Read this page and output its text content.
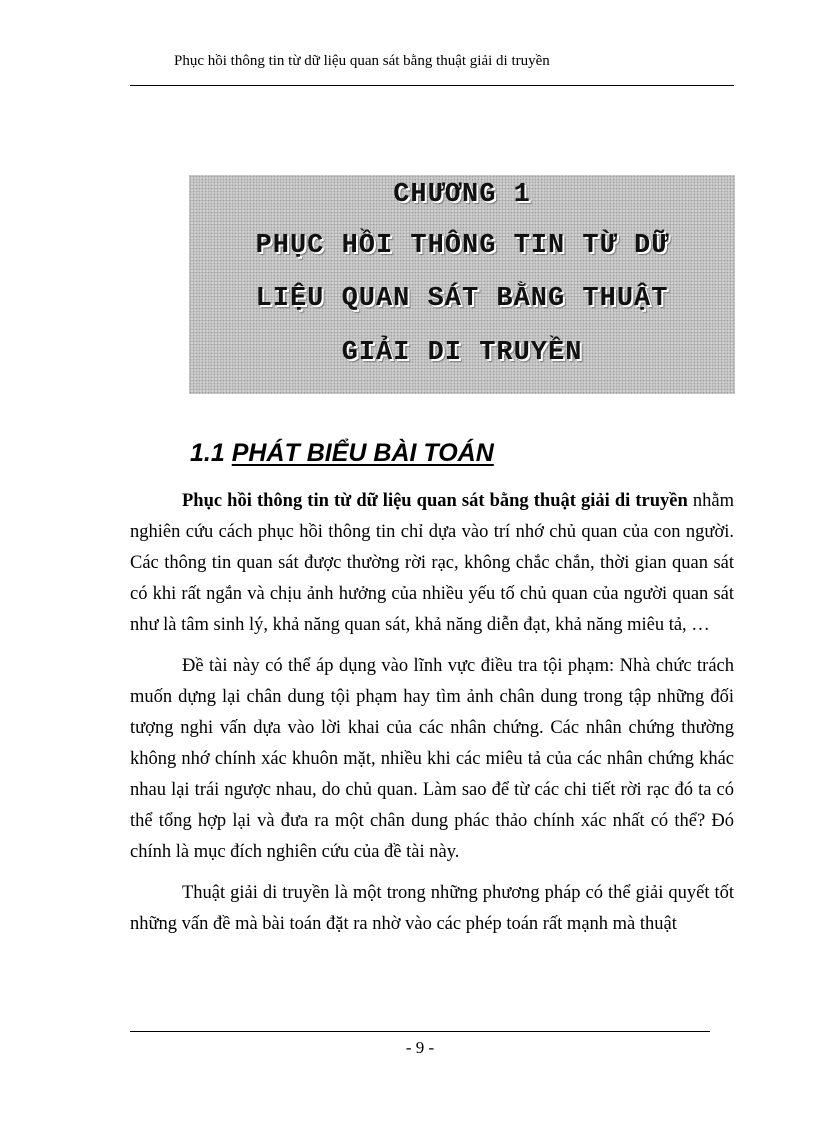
Phục hồi thông tin từ dữ liệu quan sát bằng thuật giải di truyền
CHƯƠNG 1
PHỤC HỒI THÔNG TIN TỪ DỮ
LIỆU QUAN SÁT BẰNG THUẬT
GIẢI DI TRUYỀN
1.1 PHÁT BIỂU BÀI TOÁN

Phục hồi thông tin từ dữ liệu quan sát bằng thuật giải di truyền nhằm nghiên cứu cách phục hồi thông tin chỉ dựa vào trí nhớ chủ quan của con người. Các thông tin quan sát được thường rời rạc, không chắc chắn, thời gian quan sát có khi rất ngắn và chịu ảnh hưởng của nhiều yếu tố chủ quan của người quan sát như là tâm sinh lý, khả năng quan sát, khả năng diễn đạt, khả năng miêu tả, …

Đề tài này có thể áp dụng vào lĩnh vực điều tra tội phạm: Nhà chức trách muốn dựng lại chân dung tội phạm hay tìm ảnh chân dung trong tập những đối tượng nghi vấn dựa vào lời khai của các nhân chứng. Các nhân chứng thường không nhớ chính xác khuôn mặt, nhiều khi các miêu tả của các nhân chứng khác nhau lại trái ngược nhau, do chủ quan. Làm sao để từ các chi tiết rời rạc đó ta có thể tổng hợp lại và đưa ra một chân dung phác thảo chính xác nhất có thể? Đó chính là mục đích nghiên cứu của đề tài này.

Thuật giải di truyền là một trong những phương pháp có thể giải quyết tốt những vấn đề mà bài toán đặt ra nhờ vào các phép toán rất mạnh mà thuật

- 9 -
